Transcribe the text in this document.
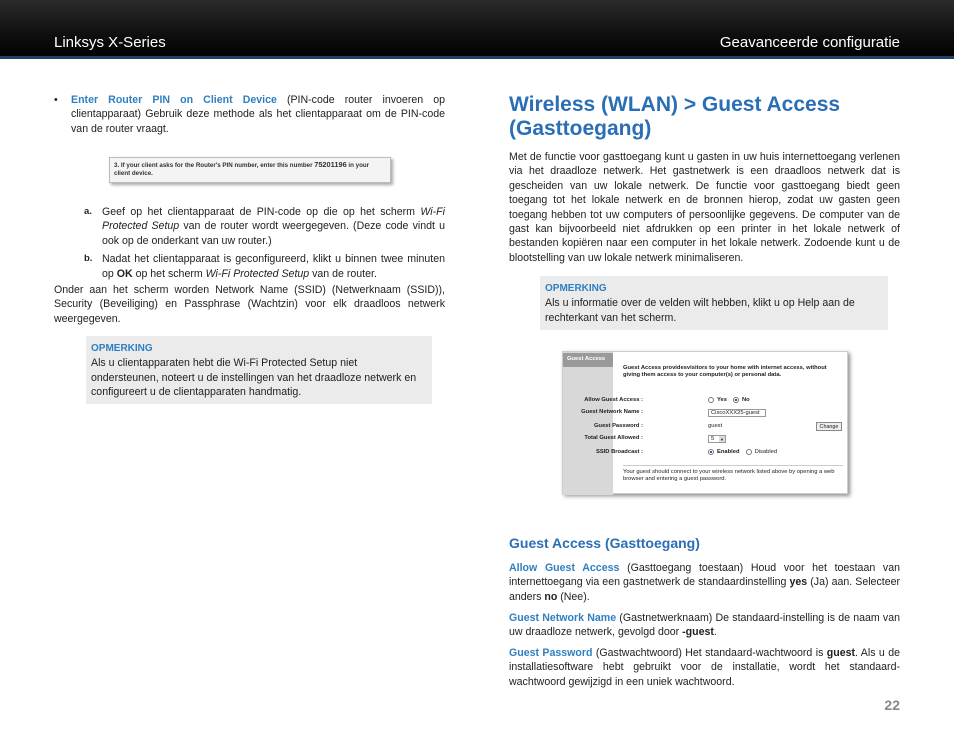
Linksys X-Series	Geavanceerde configuratie
•	Enter Router PIN on Client Device (PIN-code router invoeren op clientapparaat) Gebruik deze methode als het clientapparaat om de PIN-code van de router vraagt.
3. If your client asks for the Router's PIN number, enter this number 75201196 in your client device.
a. Geef op het clientapparaat de PIN-code op die op het scherm Wi-Fi Protected Setup van de router wordt weergegeven. (Deze code vindt u ook op de onderkant van uw router.)
b. Nadat het clientapparaat is geconfigureerd, klikt u binnen twee minuten op OK op het scherm Wi-Fi Protected Setup van de router.
Onder aan het scherm worden Network Name (SSID) (Netwerknaam (SSID)), Security (Beveiliging) en Passphrase (Wachtzin) voor elk draadloos netwerk weergegeven.
OPMERKING
Als u clientapparaten hebt die Wi-Fi Protected Setup niet ondersteunen, noteert u de instellingen van het draadloze netwerk en configureert u de clientapparaten handmatig.
Wireless (WLAN) > Guest Access (Gasttoegang)
Met de functie voor gasttoegang kunt u gasten in uw huis internettoegang verlenen via het draadloze netwerk. Het gastnetwerk is een draadloos netwerk dat is gescheiden van uw lokale netwerk. De functie voor gasttoegang biedt geen toegang tot het lokale netwerk en de bronnen hierop, zodat uw gasten geen toegang hebben tot uw computers of persoonlijke gegevens. De computer van de gast kan bijvoorbeeld niet afdrukken op een printer in het lokale netwerk of bestanden kopiëren naar een computer in het lokale netwerk. Zodoende kunt u de blootstelling van uw lokale netwerk minimaliseren.
OPMERKING
Als u informatie over de velden wilt hebben, klikt u op Help aan de rechterkant van het scherm.
Guest Access (Gasttoegang)
Allow Guest Access (Gasttoegang toestaan) Houd voor het toestaan van internettoegang via een gastnetwerk de standaardinstelling yes (Ja) aan. Selecteer anders no (Nee).
Guest Network Name (Gastnetwerknaam) De standaard-instelling is de naam van uw draadloze netwerk, gevolgd door -guest.
Guest Password (Gastwachtwoord) Het standaard-wachtwoord is guest. Als u de installatiesoftware hebt gebruikt voor de installatie, wordt het standaard-wachtwoord gewijzigd in een uniek wachtwoord.
Guest Access
Guest Access providesvisitors to your home with internet access, without giving them access to your computer(s) or personal data.
Allow Guest Access :	Yes	No
Guest Network Name :	CiscoXXX25-guest
Guest Password :	guest	Change
Total Guest Allowed :	5 ▼
SSID Broadcast :	Enabled	Disabled
Your guest should connect to your wireless network listed above by opening a web browser and entering a guest password.
22
